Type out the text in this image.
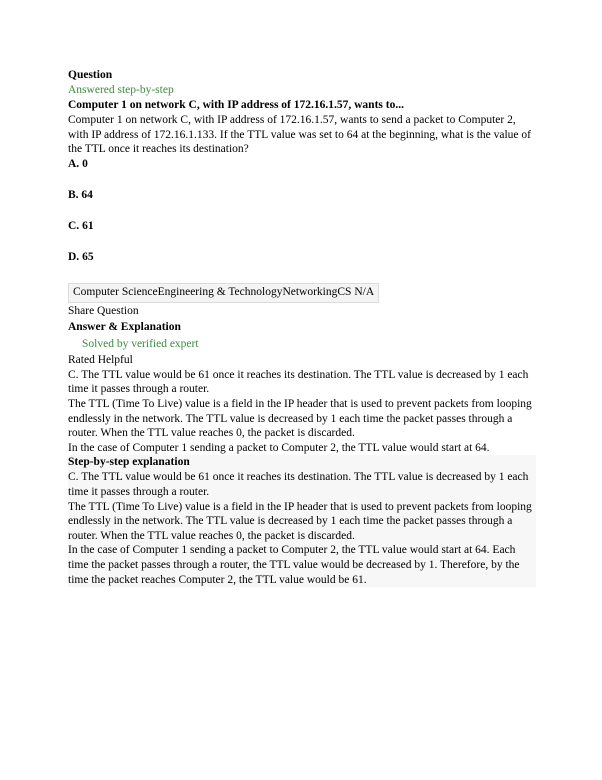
Question
Answered step-by-step
Computer 1 on network C, with IP address of 172.16.1.57, wants to...
Computer 1 on network C, with IP address of 172.16.1.57, wants to send a packet to Computer 2, with IP address of 172.16.1.133. If the TTL value was set to 64 at the beginning, what is the value of the TTL once it reaches its destination?
A. 0
B. 64
C. 61
D. 65
Computer ScienceEngineering & TechnologyNetworkingCS N/A
Share Question
Answer & Explanation
Solved by verified expert
Rated Helpful

C. The TTL value would be 61 once it reaches its destination. The TTL value is decreased by 1 each time it passes through a router.

The TTL (Time To Live) value is a field in the IP header that is used to prevent packets from looping endlessly in the network. The TTL value is decreased by 1 each time the packet passes through a router. When the TTL value reaches 0, the packet is discarded.

In the case of Computer 1 sending a packet to Computer 2, the TTL value would start at 64.

Step-by-step explanation

C. The TTL value would be 61 once it reaches its destination. The TTL value is decreased by 1 each time it passes through a router.

The TTL (Time To Live) value is a field in the IP header that is used to prevent packets from looping endlessly in the network. The TTL value is decreased by 1 each time the packet passes through a router. When the TTL value reaches 0, the packet is discarded.

In the case of Computer 1 sending a packet to Computer 2, the TTL value would start at 64. Each time the packet passes through a router, the TTL value would be decreased by 1. Therefore, by the time the packet reaches Computer 2, the TTL value would be 61.
